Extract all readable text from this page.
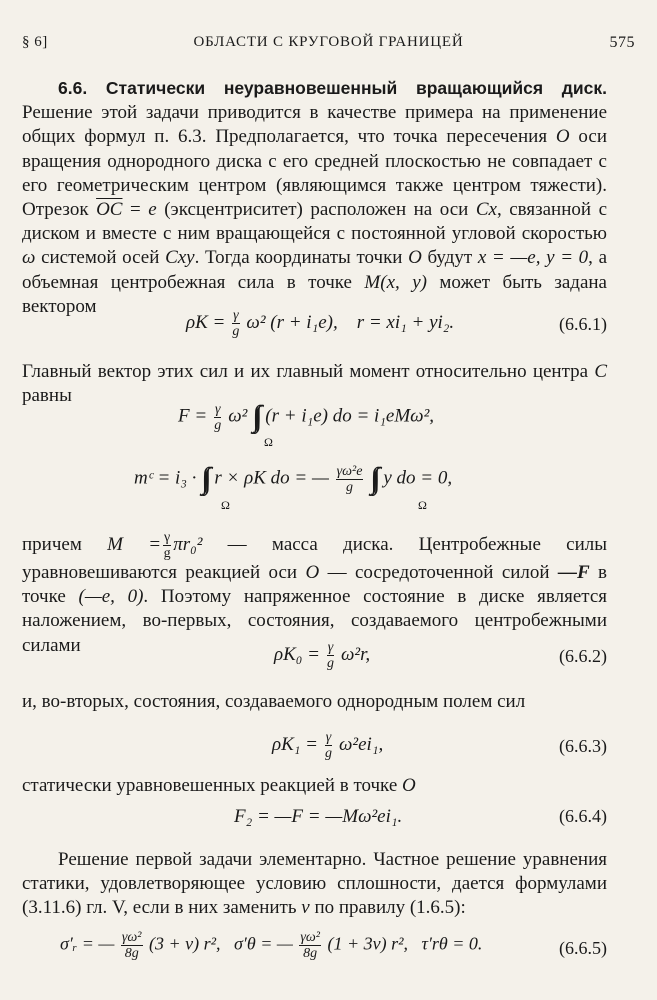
§ 6]	ОБЛАСТИ С КРУГОВОЙ ГРАНИЦЕЙ	575
6.6. Статически неуравновешенный вращающийся диск. Решение этой задачи приводится в качестве примера на применение общих формул п. 6.3. Предполагается, что точка пересечения O оси вращения однородного диска с его средней плоскостью не совпадает с его геометрическим центром (являющимся также центром тяжести). Отрезок $\overline{OC} = e$ (эксцентриситет) расположен на оси Cx, связанной с диском и вместе с ним вращающейся с постоянной угловой скоростью ω системой осей Cxy. Тогда координаты точки O будут x = —e, y = 0, а объемная центробежная сила в точке M(x, y) может быть задана вектором
$\rho K = \frac{\gamma}{g} \omega^2$ (r + i₁e), r = xi₁ + yi₂.	(6.6.1)
Главный вектор этих сил и их главный момент относительно центра C равны
$F = \frac{\gamma}{g} \omega^2$ ∫∫ (r + i₁e) do = i₁eMω²,
Ω
mᶜ = i₃ · ∫∫ r × ρK do = — $\frac{\text{γω²e}}{g}$ ∫∫ y do = 0,
Ω	Ω
причем $M = \frac{\gamma}{g} \pi r_0^2$ — масса диска. Центробежные силы уравновешиваются реакцией оси O — сосредоточенной силой —F в точке (—e, 0). Поэтому напряженное состояние в диске является наложением, во-первых, состояния, создаваемого центробежными силами	$\rho K_0 = \frac{\gamma}{g} \omega^2r$,	(6.6.2)
и, во-вторых, состояния, создаваемого однородным полем сил
$\rho K_1 = \frac{\gamma}{g} \omega^2ei_1$,	(6.6.3)
статически уравновешенных реакцией в точке O
F₂ = —F = —Mω²ei₁.	(6.6.4)
Решение первой задачи элементарно. Частное решение уравнения статики, удовлетворяющее условию сплошности, дается формулами (3.11.6) гл. V, если в них заменить ν по правилу (1.6.5):
σ′ᵣ = — $\frac{\text{γω²}}{8g} (3 + \nu)$ r², σ′θ = — $\frac{\text{γω²}}{8g} (1 + 3\nu)$ r², τ′rθ = 0.	(6.6.5)
